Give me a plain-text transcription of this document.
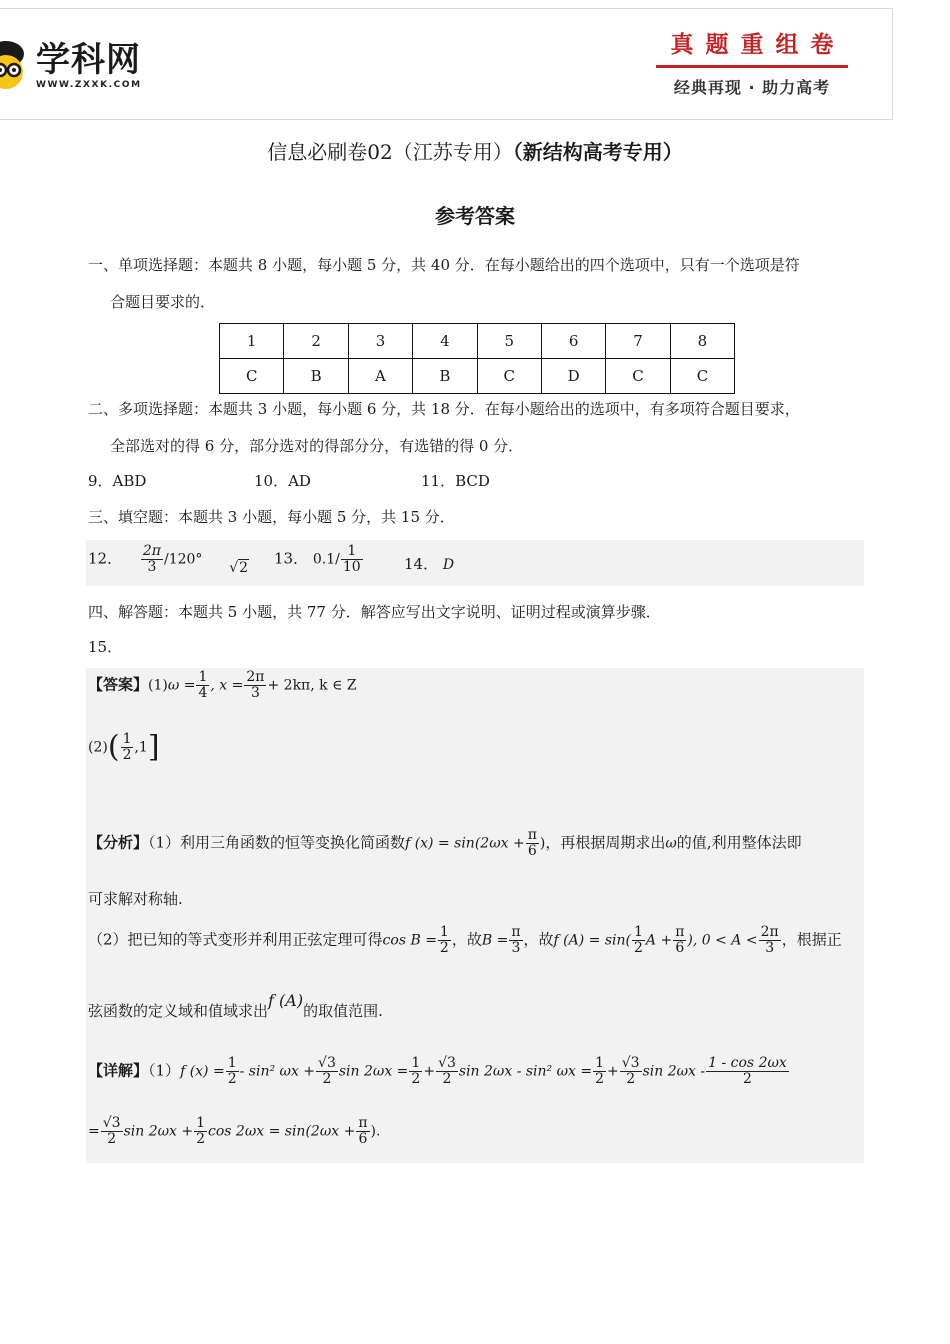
学科网
WWW.ZXXK.COM
真题重组卷
经典再现 · 助力高考
信息必刷卷02（江苏专用）（新结构高考专用）
参考答案
一、单项选择题：本题共 8 小题，每小题 5 分，共 40 分．在每小题给出的四个选项中，只有一个选项是符
合题目要求的．
1	2	3	4	5	6	7	8
C	B	A	B	C	D	C	C
二、多项选择题：本题共 3 小题，每小题 6 分，共 18 分．在每小题给出的选项中，有多项符合题目要求，
全部选对的得 6 分，部分选对的得部分分，有选错的得 0 分．
9．ABD	10．AD	11．BCD
三、填空题：本题共 3 小题，每小题 5 分，共 15 分．
12． $\frac{2\pi}{3} /120^\circ$ √2 13． $0.1/ \frac{1}{10}$	14． D
四、解答题：本题共 5 小题，共 77 分．解答应写出文字说明、证明过程或演算步骤．
15．
【答案】$(1)\omega = \frac{1}{4}$ , $x = \frac{2\pi}{3} + 2k\pi$, k ∈ Z
$(2)( \frac{1}{2} ,1]$
【分析】（1）利用三角函数的恒等变换化简函数f $(x) = \sin(2\omega x + \frac{\pi}{6}$ )，再根据周期求出ω的值,利用整体法即
可求解对称轴.
（2）把已知的等式变形并利用正弦定理可得$\cos B = \frac{1}{2}$ ，故$B = \frac{\pi}{3}$ ，故f $(A) = \sin( \frac{1}{2}$ $A + \frac{\pi}{6}$ ), $0 < A < \frac{2\pi}{3}$ ，根据正
弦函数的定义域和值域求出f (A)的取值范围.
【详解】（1）f $(x) = \frac{1}{2} - \sin^2$ $\omega x + \frac{√3}{2}$ $\sin 2\omega x = \frac{1}{2} + \frac{√3}{2}$ sin 2ωx - sin² $\omega x = \frac{1}{2} + \frac{√3}{2}$ $\sin 2\omega x - \frac{1 - \cos 2\omega x}{2}$
= $\frac{√3}{2}$ $\sin 2\omega x + \frac{1}{2}$ $\cos 2\omega x = \sin(2\omega x + \frac{\pi}{6}$ ).
